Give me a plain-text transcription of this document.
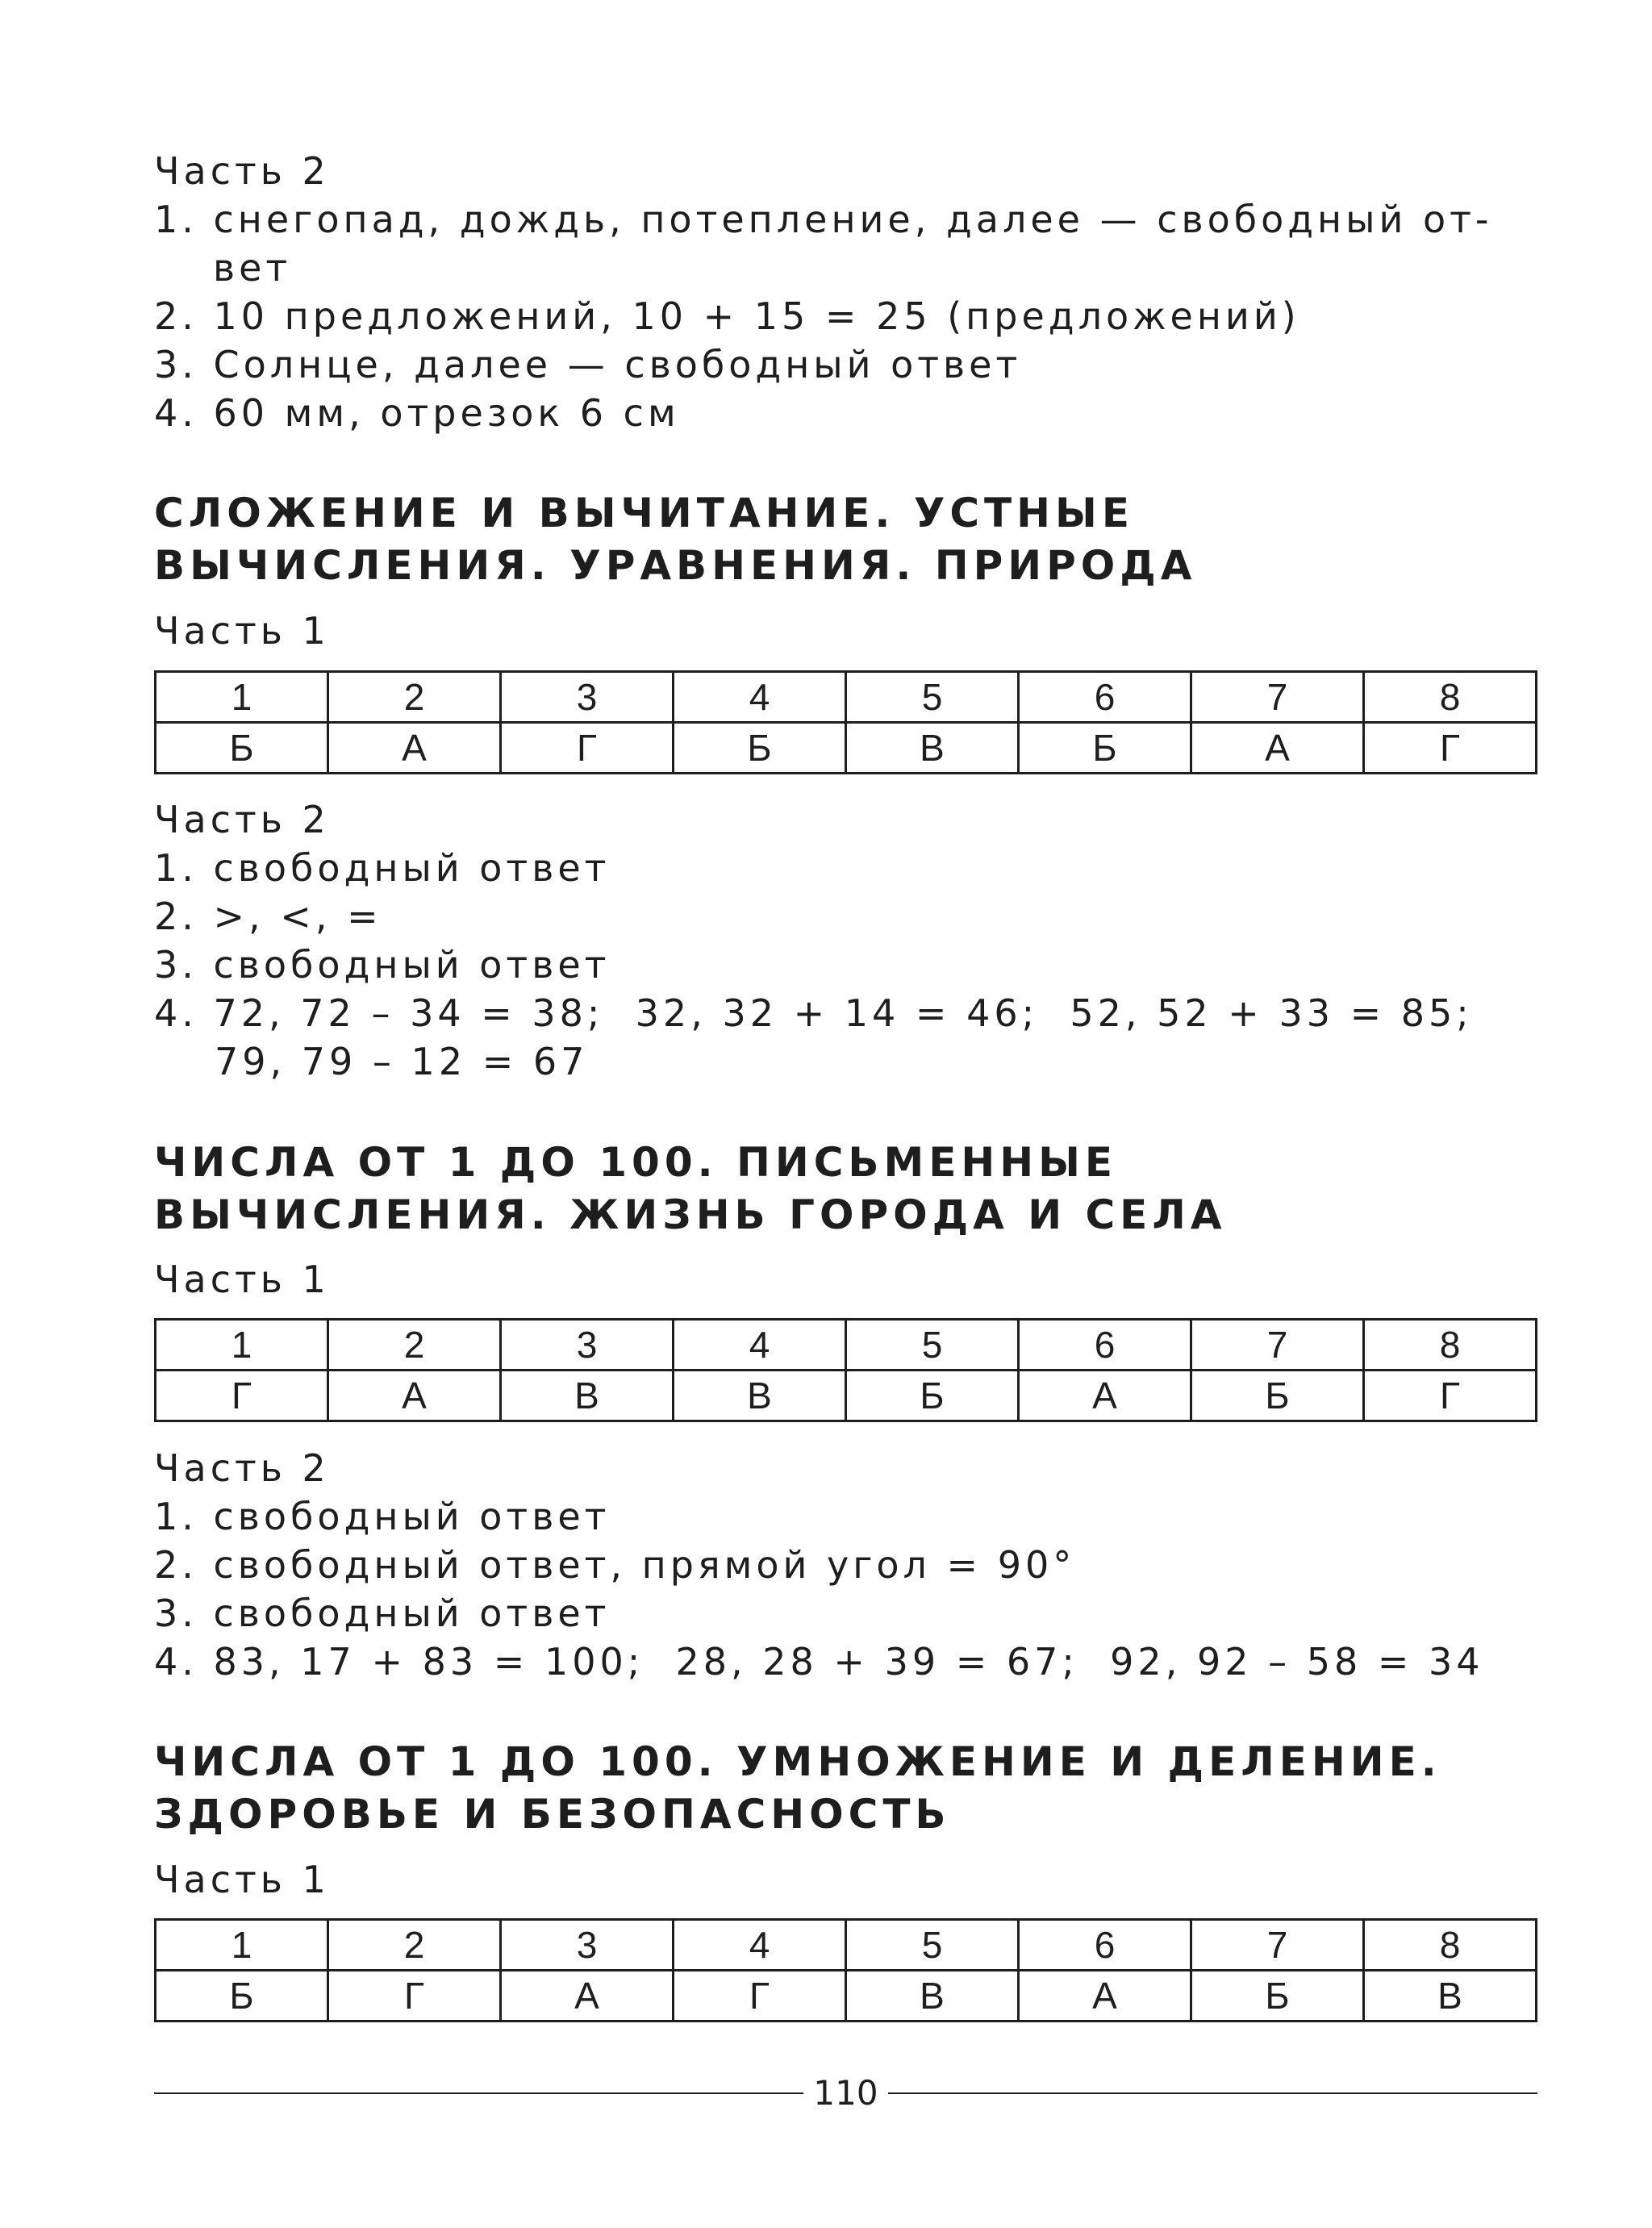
Часть 2

1. снегопад, дождь, потепление, далее — свободный от-

вет

2. 10 предложений, 10 + 15 = 25 (предложений)

3. Солнце, далее — свободный ответ

4. 60 мм, отрезок 6 см

СЛОЖЕНИЕ И ВЫЧИТАНИЕ. УСТНЫЕ

ВЫЧИСЛЕНИЯ. УРАВНЕНИЯ. ПРИРОДА

Часть 1

1	2	3	4	5	6	7	8
Б	А	Г	Б	В	Б	А	Г

Часть 2

1. свободный ответ

2. >, <, =

3. свободный ответ

4. 72, 72 – 34 = 38;  32, 32 + 14 = 46;  52, 52 + 33 = 85;

79, 79 – 12 = 67

ЧИСЛА ОТ 1 ДО 100. ПИСЬМЕННЫЕ

ВЫЧИСЛЕНИЯ. ЖИЗНЬ ГОРОДА И СЕЛА

Часть 1

1	2	3	4	5	6	7	8
Г	А	В	В	Б	А	Б	Г

Часть 2

1. свободный ответ

2. свободный ответ, прямой угол = 90°

3. свободный ответ

4. 83, 17 + 83 = 100;  28, 28 + 39 = 67;  92, 92 – 58 = 34

ЧИСЛА ОТ 1 ДО 100. УМНОЖЕНИЕ И ДЕЛЕНИЕ.

ЗДОРОВЬЕ И БЕЗОПАСНОСТЬ

Часть 1

1	2	3	4	5	6	7	8
Б	Г	А	Г	В	А	Б	В
110
